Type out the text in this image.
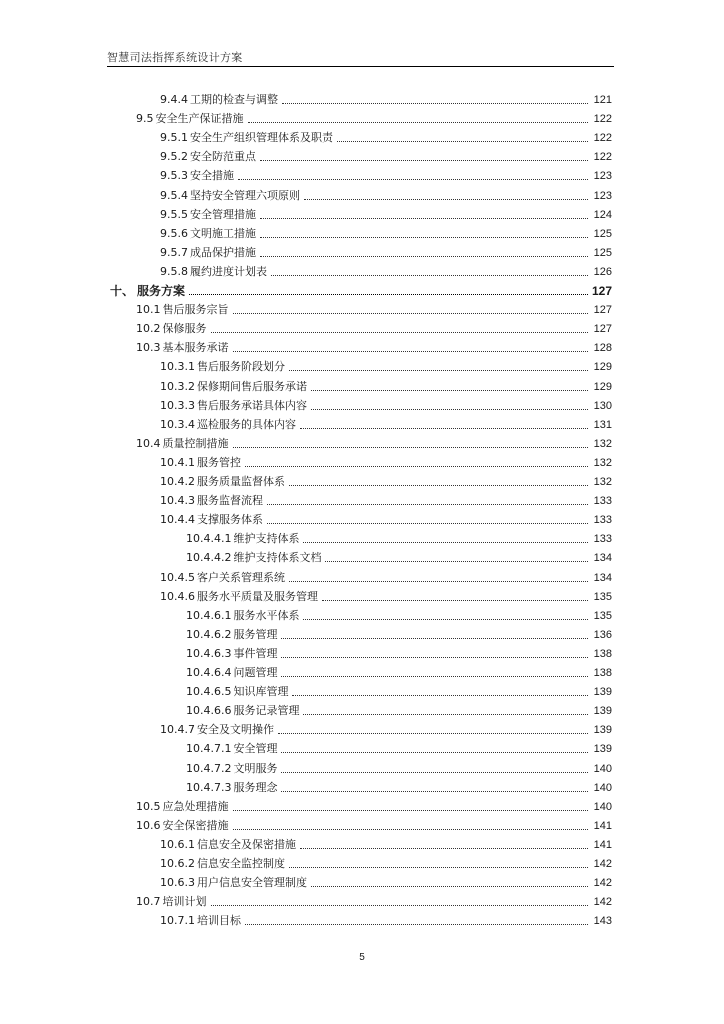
智慧司法指挥系统设计方案
9.4.4 工期的检查与调整	121
9.5 安全生产保证措施	122
9.5.1 安全生产组织管理体系及职责	122
9.5.2 安全防范重点	122
9.5.3 安全措施	123
9.5.4 坚持安全管理六项原则	123
9.5.5 安全管理措施	124
9.5.6 文明施工措施	125
9.5.7 成品保护措施	125
9.5.8 履约进度计划表	126
十、 服务方案	127
10.1 售后服务宗旨	127
10.2 保修服务	127
10.3 基本服务承诺	128
10.3.1 售后服务阶段划分	129
10.3.2 保修期间售后服务承诺	129
10.3.3 售后服务承诺具体内容	130
10.3.4 巡检服务的具体内容	131
10.4 质量控制措施	132
10.4.1 服务管控	132
10.4.2 服务质量监督体系	132
10.4.3 服务监督流程	133
10.4.4 支撑服务体系	133
10.4.4.1 维护支持体系	133
10.4.4.2 维护支持体系文档	134
10.4.5 客户关系管理系统	134
10.4.6 服务水平质量及服务管理	135
10.4.6.1 服务水平体系	135
10.4.6.2 服务管理	136
10.4.6.3 事件管理	138
10.4.6.4 问题管理	138
10.4.6.5 知识库管理	139
10.4.6.6 服务记录管理	139
10.4.7 安全及文明操作	139
10.4.7.1 安全管理	139
10.4.7.2 文明服务	140
10.4.7.3 服务理念	140
10.5 应急处理措施	140
10.6 安全保密措施	141
10.6.1 信息安全及保密措施	141
10.6.2 信息安全监控制度	142
10.6.3 用户信息安全管理制度	142
10.7 培训计划	142
10.7.1 培训目标	143
5
